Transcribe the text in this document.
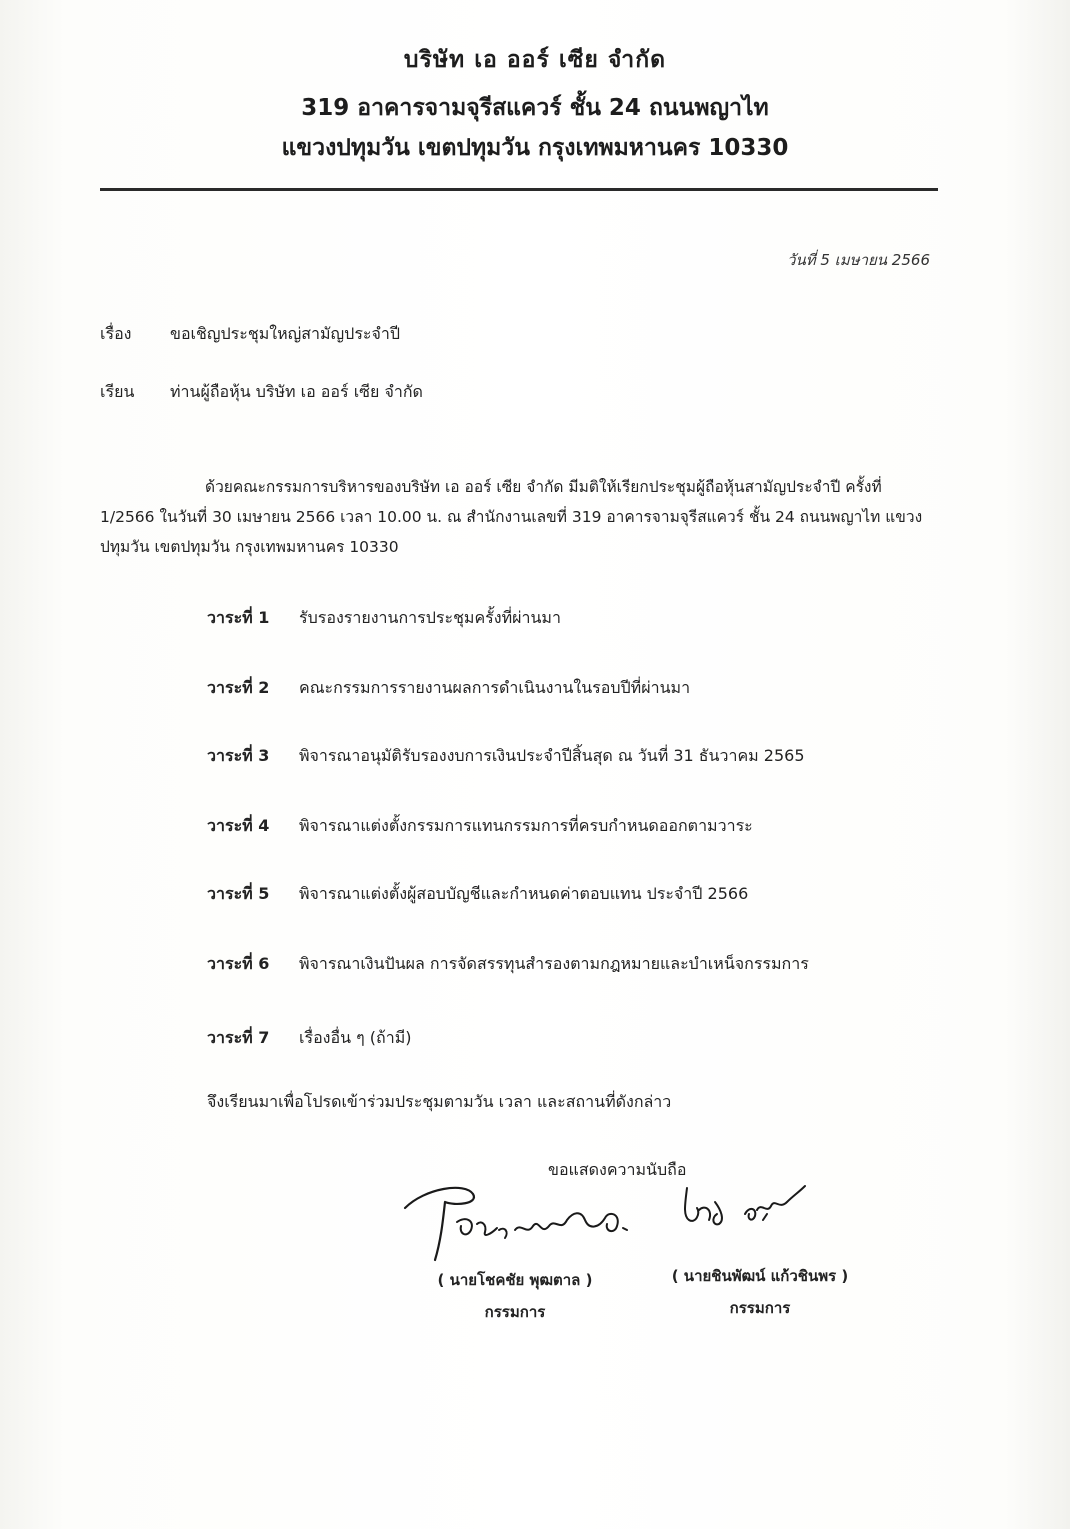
บริษัท เอ ออร์ เซีย จำกัด
319 อาคารจามจุรีสแควร์ ชั้น 24 ถนนพญาไท
แขวงปทุมวัน เขตปทุมวัน กรุงเทพมหานคร 10330
วันที่ 5 เมษายน 2566
เรื่อง ขอเชิญประชุมใหญ่สามัญประจำปี
เรียน ท่านผู้ถือหุ้น บริษัท เอ ออร์ เซีย จำกัด
ด้วยคณะกรรมการบริหารของบริษัท เอ ออร์ เซีย จำกัด มีมติให้เรียกประชุมผู้ถือหุ้นสามัญประจำปี ครั้งที่ 1/2566 ในวันที่ 30 เมษายน 2566 เวลา 10.00 น. ณ สำนักงานเลขที่ 319 อาคารจามจุรีสแควร์ ชั้น 24 ถนนพญาไท แขวงปทุมวัน เขตปทุมวัน กรุงเทพมหานคร 10330
วาระที่ 1 รับรองรายงานการประชุมครั้งที่ผ่านมา
วาระที่ 2 คณะกรรมการรายงานผลการดำเนินงานในรอบปีที่ผ่านมา
วาระที่ 3 พิจารณาอนุมัติรับรองงบการเงินประจำปีสิ้นสุด ณ วันที่ 31 ธันวาคม 2565
วาระที่ 4 พิจารณาแต่งตั้งกรรมการแทนกรรมการที่ครบกำหนดออกตามวาระ
วาระที่ 5 พิจารณาแต่งตั้งผู้สอบบัญชีและกำหนดค่าตอบแทน ประจำปี 2566
วาระที่ 6 พิจารณาเงินปันผล การจัดสรรทุนสำรองตามกฎหมายและบำเหน็จกรรมการ
วาระที่ 7 เรื่องอื่น ๆ (ถ้ามี)
จึงเรียนมาเพื่อโปรดเข้าร่วมประชุมตามวัน เวลา และสถานที่ดังกล่าว
ขอแสดงความนับถือ
( นายโชคชัย พุฒตาล )
กรรมการ
( นายชินพัฒน์ แก้วชินพร )
กรรมการ
